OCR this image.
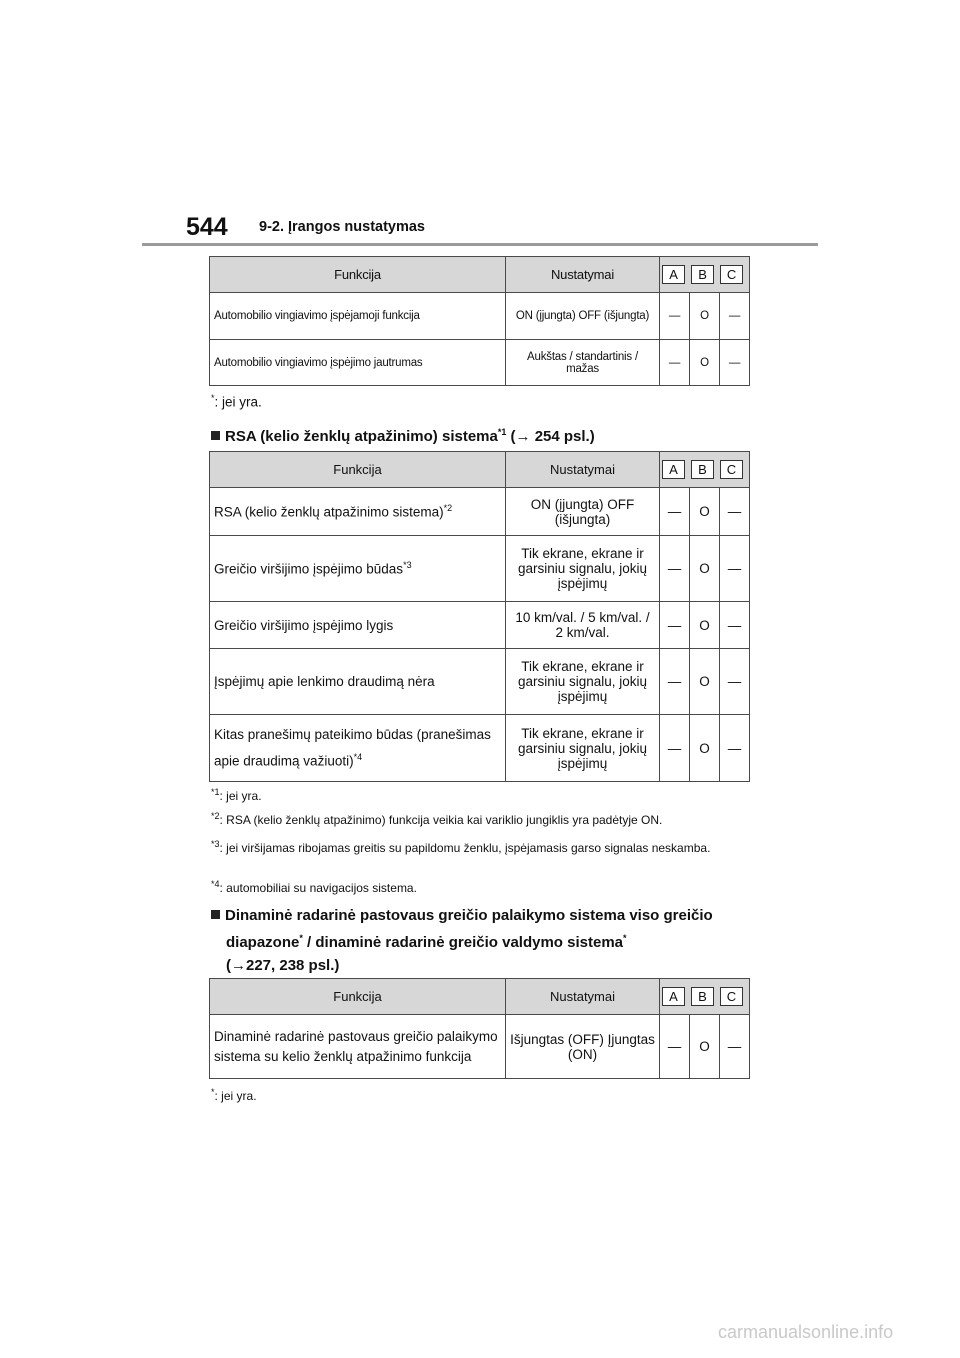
544 9-2. Įrangos nustatymas
Funkcija	Nustatymai	A B C		

Automobilio vingiavimo įspėjamoji funkcija	ON (įjungta) OFF (išjungta)	—	O	—
Automobilio vingiavimo įspėjimo jautrumas	Aukštas / standartinis / mažas	—	O	—
*: jei yra.
RSA (kelio ženklų atpažinimo) sistema$^{*1}$ (→ 254 psl.)
Funkcija	Nustatymai	A B C		

RSA (kelio ženklų atpažinimo sistema)$^{*2}$	ON (įjungta) OFF (išjungta)	—	O	—
Greičio viršijimo įspėjimo būdas$^{*3}$	Tik ekrane, ekrane ir garsiniu signalu, jokių įspėjimų	—	O	—
Greičio viršijimo įspėjimo lygis	10 km/val. / 5 km/val. / 2 km/val.	—	O	—
Įspėjimų apie lenkimo draudimą nėra	Tik ekrane, ekrane ir garsiniu signalu, jokių įspėjimų	—	O	—
Kitas pranešimų pateikimo būdas (pranešimas apie draudimą važiuoti)$^{*4}$	Tik ekrane, ekrane ir garsiniu signalu, jokių įspėjimų	—	O	—
$^{*1}$: jei yra.
$^{*2}$: RSA (kelio ženklų atpažinimo) funkcija veikia kai variklio jungiklis yra padėtyje ON.
$^{*3}$: jei viršijamas ribojamas greitis su papildomu ženklu, įspėjamasis garso signalas neskamba.
$^{*4}$: automobiliai su navigacijos sistema.
Dinaminė radarinė pastovaus greičio palaikymo sistema viso greičio diapazone* / dinaminė radarinė greičio valdymo sistema*
(→227, 238 psl.)
Funkcija	Nustatymai	A B C		

Dinaminė radarinė pastovaus greičio palaikymo sistema su kelio ženklų atpažinimo funkcija	Išjungtas (OFF) Įjungtas (ON)	—	O	—
*: jei yra.
carmanualsonline.info
